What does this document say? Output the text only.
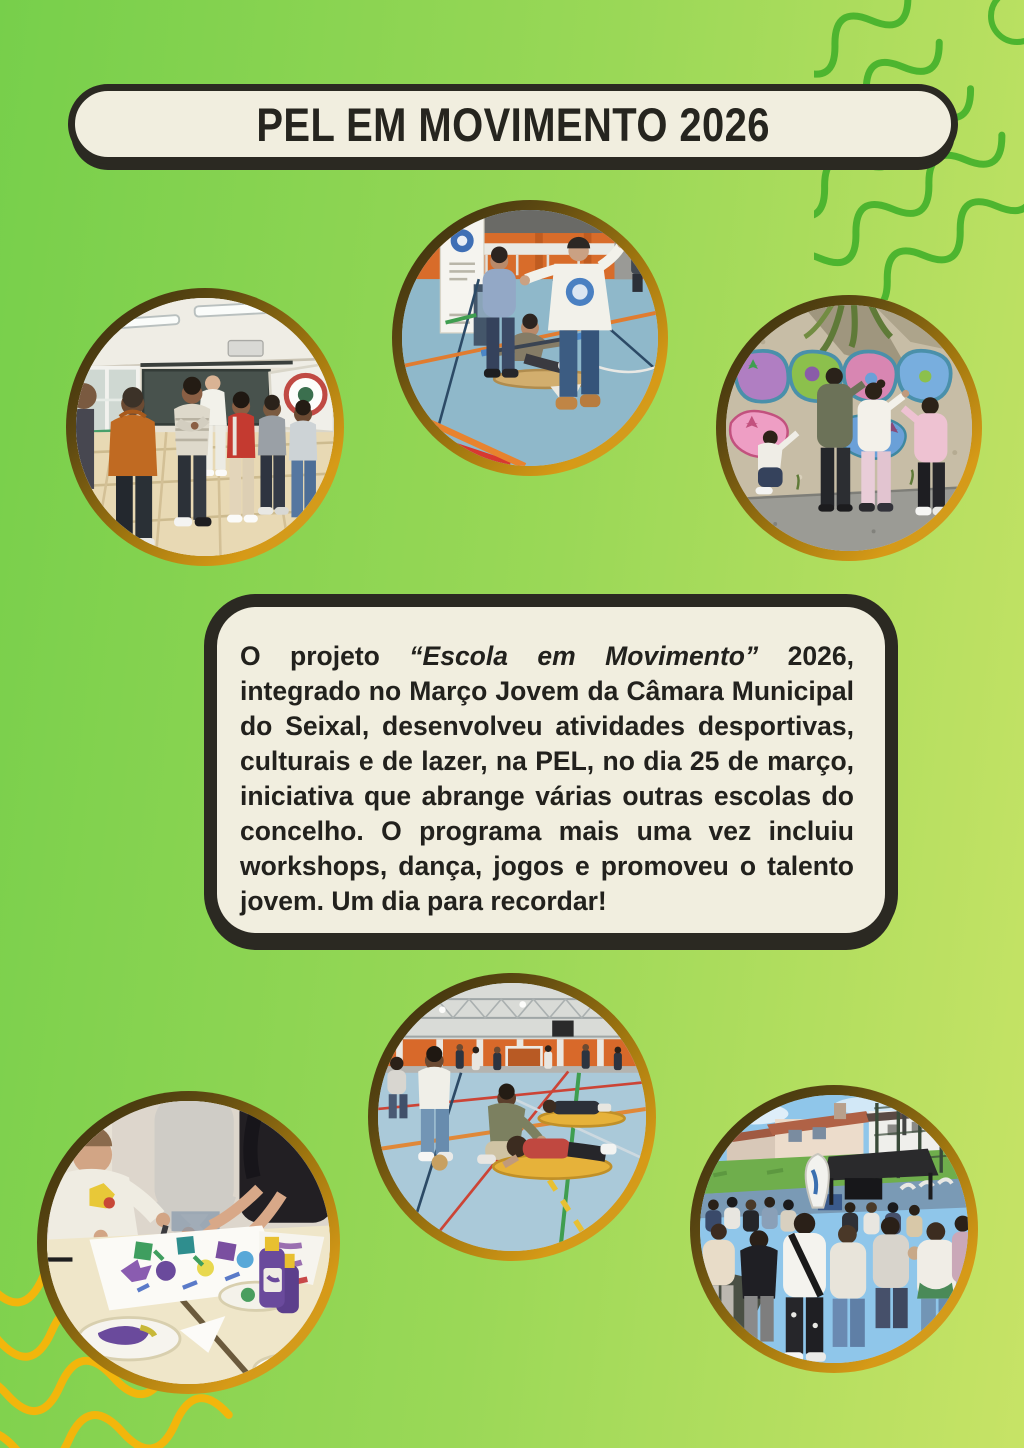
PEL EM MOVIMENTO 2026

O projeto “Escola em Movimento” 2026, integrado no Março Jovem da Câmara Municipal do Seixal, desenvolveu atividades desportivas, culturais e de lazer, na PEL, no dia 25 de março, iniciativa que abrange várias outras escolas do concelho. O programa mais uma vez incluiu workshops, dança, jogos e promoveu o talento jovem. Um dia para recordar!
